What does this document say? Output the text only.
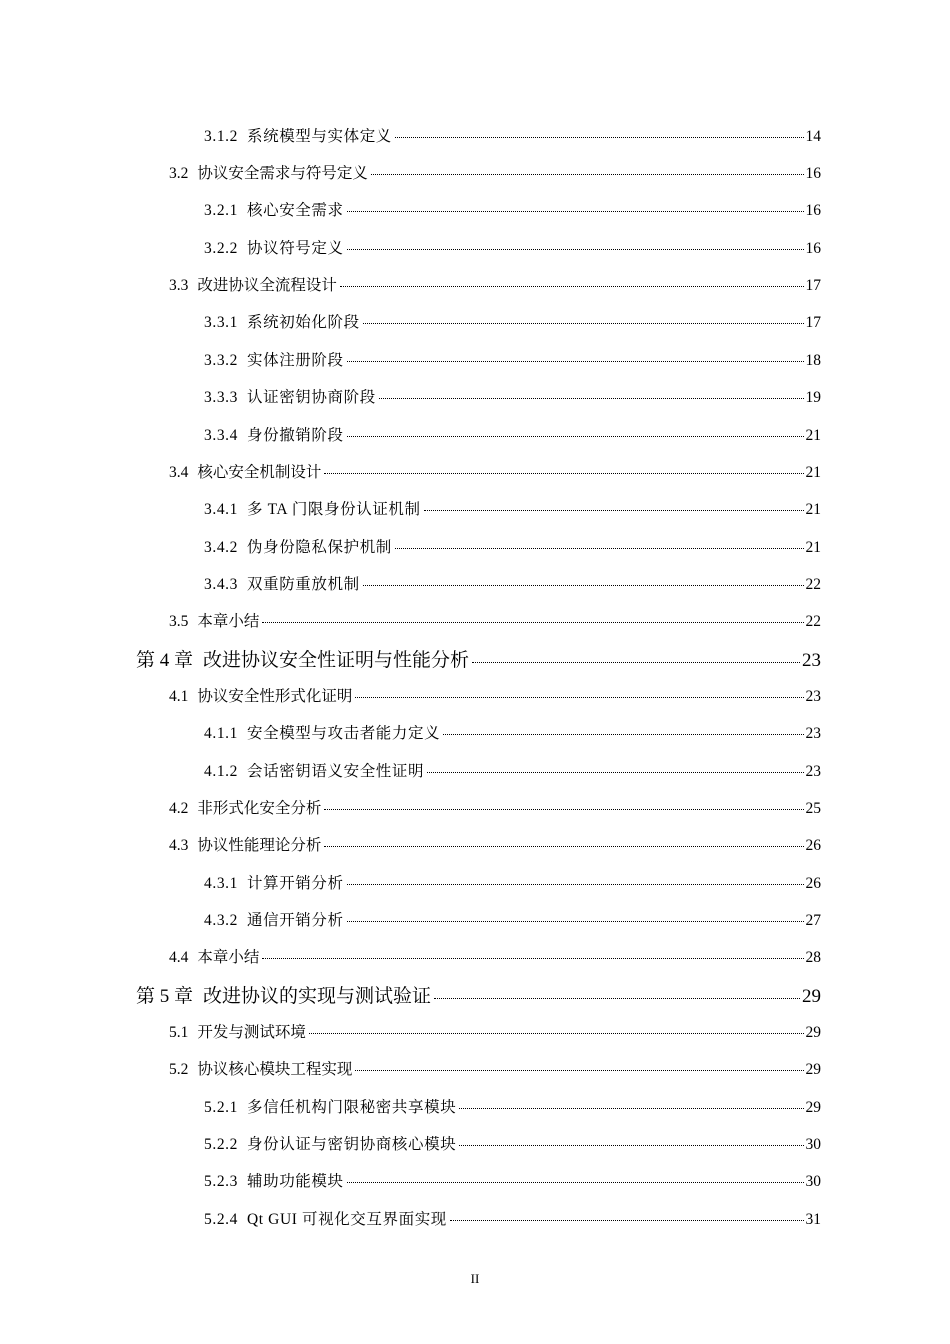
3.1.2 系统模型与实体定义	14
3.2 协议安全需求与符号定义	16
3.2.1 核心安全需求	16
3.2.2 协议符号定义	16
3.3 改进协议全流程设计	17
3.3.1 系统初始化阶段	17
3.3.2 实体注册阶段	18
3.3.3 认证密钥协商阶段	19
3.3.4 身份撤销阶段	21
3.4 核心安全机制设计	21
3.4.1 多 TA 门限身份认证机制	21
3.4.2 伪身份隐私保护机制	21
3.4.3 双重防重放机制	22
3.5 本章小结	22
第 4 章 改进协议安全性证明与性能分析	23
4.1 协议安全性形式化证明	23
4.1.1 安全模型与攻击者能力定义	23
4.1.2 会话密钥语义安全性证明	23
4.2 非形式化安全分析	25
4.3 协议性能理论分析	26
4.3.1 计算开销分析	26
4.3.2 通信开销分析	27
4.4 本章小结	28
第 5 章 改进协议的实现与测试验证	29
5.1 开发与测试环境	29
5.2 协议核心模块工程实现	29
5.2.1 多信任机构门限秘密共享模块	29
5.2.2 身份认证与密钥协商核心模块	30
5.2.3 辅助功能模块	30
5.2.4 Qt GUI 可视化交互界面实现	31
II
